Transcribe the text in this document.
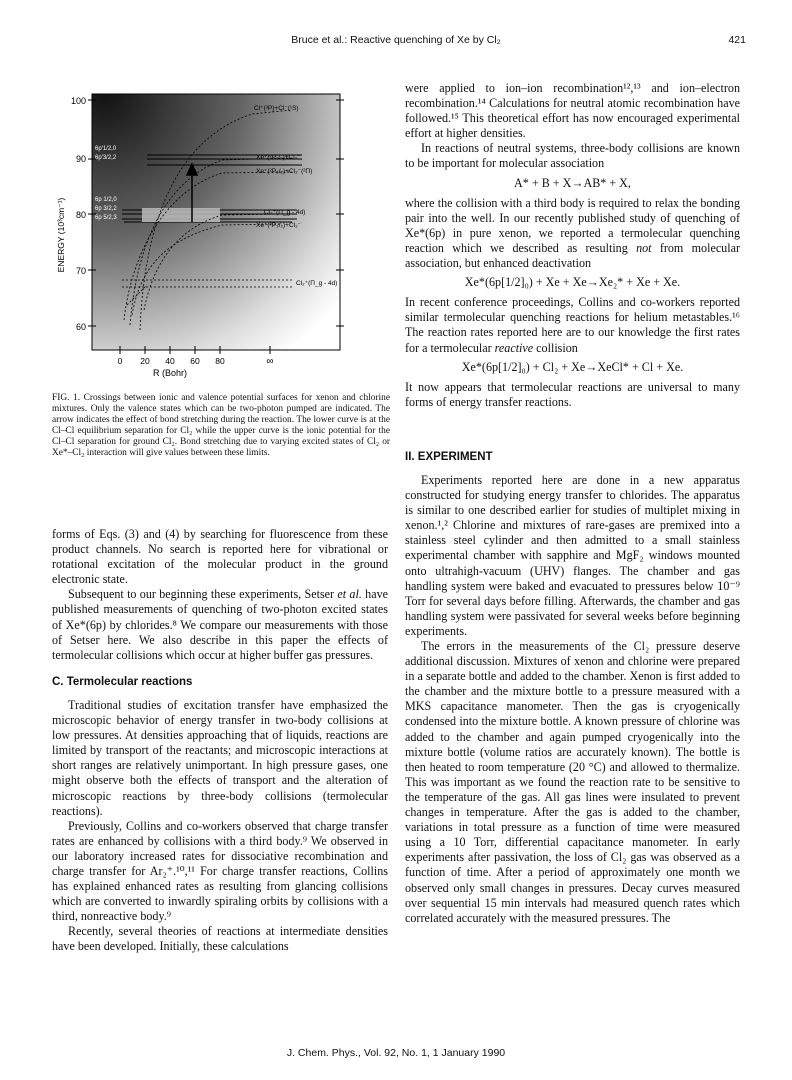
Bruce et al.: Reactive quenching of Xe by Cl₂	421
100
90
80
70
60
ENERGY (10³cm⁻¹)
0 20 40 60 80	∞
R (Bohr)
Cl⁺(³P)+Cl⁻(¹S)
Xe⁺(²P₁/₂)+Cl₂⁻
Xe⁺(²P₃/₂)+Cl₂⁻(²Π)
Cl₂⁺(Π_g - 4d)
Xe⁺(²P₃/₂)+Cl₂⁻
Cl₂⁺(Π_g - 4d)
6p'1/2,0
6p'3/2,2
6p 1/2,0
6p 3/2,2
6p 5/2,3
FIG. 1. Crossings between ionic and valence potential surfaces for xenon and chlorine mixtures. Only the valence states which can be two-photon pumped are indicated. The arrow indicates the effect of bond stretching during the reaction. The lower curve is at the Cl–Cl equilibrium separation for Cl₂ while the upper curve is the ionic potential for the Cl–Cl separation for ground Cl₂. Bond stretching due to varying excited states of Cl₂ or Xe*–Cl₂ interaction will give values between these limits.

forms of Eqs. (3) and (4) by searching for fluorescence from these product channels. No search is reported here for vibrational or rotational excitation of the molecular product in the ground electronic state.

Subsequent to our beginning these experiments, Setser et al. have published measurements of quenching of two-photon excited states of Xe*(6p) by chlorides.⁸ We compare our measurements with those of Setser here. We also describe in this paper the effects of termolecular collisions which occur at higher buffer gas pressures.

C. Termolecular reactions

Traditional studies of excitation transfer have emphasized the microscopic behavior of energy transfer in two-body collisions at low pressures. At densities approaching that of liquids, reactions are limited by transport of the reactants; and microscopic interactions at short ranges are relatively unimportant. In high pressure gases, one might observe both the effects of transport and the alteration of microscopic reactions by three-body collisions (termolecular reactions).

Previously, Collins and co-workers observed that charge transfer rates are enhanced by collisions with a third body.⁹ We observed in our laboratory increased rates for dissociative recombination and charge transfer for Ar₂⁺.¹⁰,¹¹ For charge transfer reactions, Collins has explained enhanced rates as resulting from glancing collisions which are converted to inwardly spiraling orbits by collisions with a third, nonreactive body.⁹

Recently, several theories of reactions at intermediate densities have been developed. Initially, these calculations

were applied to ion–ion recombination¹²,¹³ and ion–electron recombination.¹⁴ Calculations for neutral atomic recombination have followed.¹⁵ This theoretical effort has now encouraged experimental effort at higher densities.

In reactions of neutral systems, three-body collisions are known to be important for molecular association

A* + B + X→AB* + X,

where the collision with a third body is required to relax the bonding pair into the well. In our recently published study of quenching of Xe*(6p) in pure xenon, we reported a termolecular quenching reaction which we described as resulting not from molecular association, but enhanced deactivation

Xe*(6p[1/2]₀) + Xe + Xe→Xe₂* + Xe + Xe.

In recent conference proceedings, Collins and co-workers reported similar termolecular quenching reactions for helium metastables.¹⁶ The reaction rates reported here are to our knowledge the first rates for a termolecular reactive collision

Xe*(6p[1/2]₀) + Cl₂ + Xe→XeCl* + Cl + Xe.

It now appears that termolecular reactions are universal to many forms of energy transfer reactions.

II. EXPERIMENT

Experiments reported here are done in a new apparatus constructed for studying energy transfer to chlorides. The apparatus is similar to one described earlier for studies of multiplet mixing in xenon.¹,² Chlorine and mixtures of rare-gases are premixed into a stainless steel cylinder and then admitted to a small stainless experimental chamber with sapphire and MgF₂ windows mounted onto ultrahigh-vacuum (UHV) flanges. The chamber and gas handling system were baked and evacuated to pressures below 10⁻⁹ Torr for several days before filling. Afterwards, the chamber and gas handling system were passivated for several weeks before beginning experiments.

The errors in the measurements of the Cl₂ pressure deserve additional discussion. Mixtures of xenon and chlorine were prepared in a separate bottle and added to the chamber. Xenon is first added to the chamber and the mixture bottle to a pressure measured with a MKS capacitance manometer. Then the gas is cryogenically condensed into the mixture bottle. A known pressure of chlorine was added to the chamber and again pumped cryogenically into the mixture bottle (volume ratios are accurately known). The bottle is then heated to room temperature (20 °C) and allowed to thermalize. This was important as we found the reaction rate to be sensitive to the temperature of the gas. All gas lines were insulated to prevent changes in temperature. After the gas is added to the chamber, variations in total pressure as a function of time were measured using a 10 Torr, differential capacitance manometer. In early experiments after passivation, the loss of Cl₂ gas was observed as a function of time. After a period of approximately one month we observed only small changes in pressures. Decay curves measured over sequential 15 min intervals had measured quench rates which correlated accurately with the measured pressures. The

J. Chem. Phys., Vol. 92, No. 1, 1 January 1990
